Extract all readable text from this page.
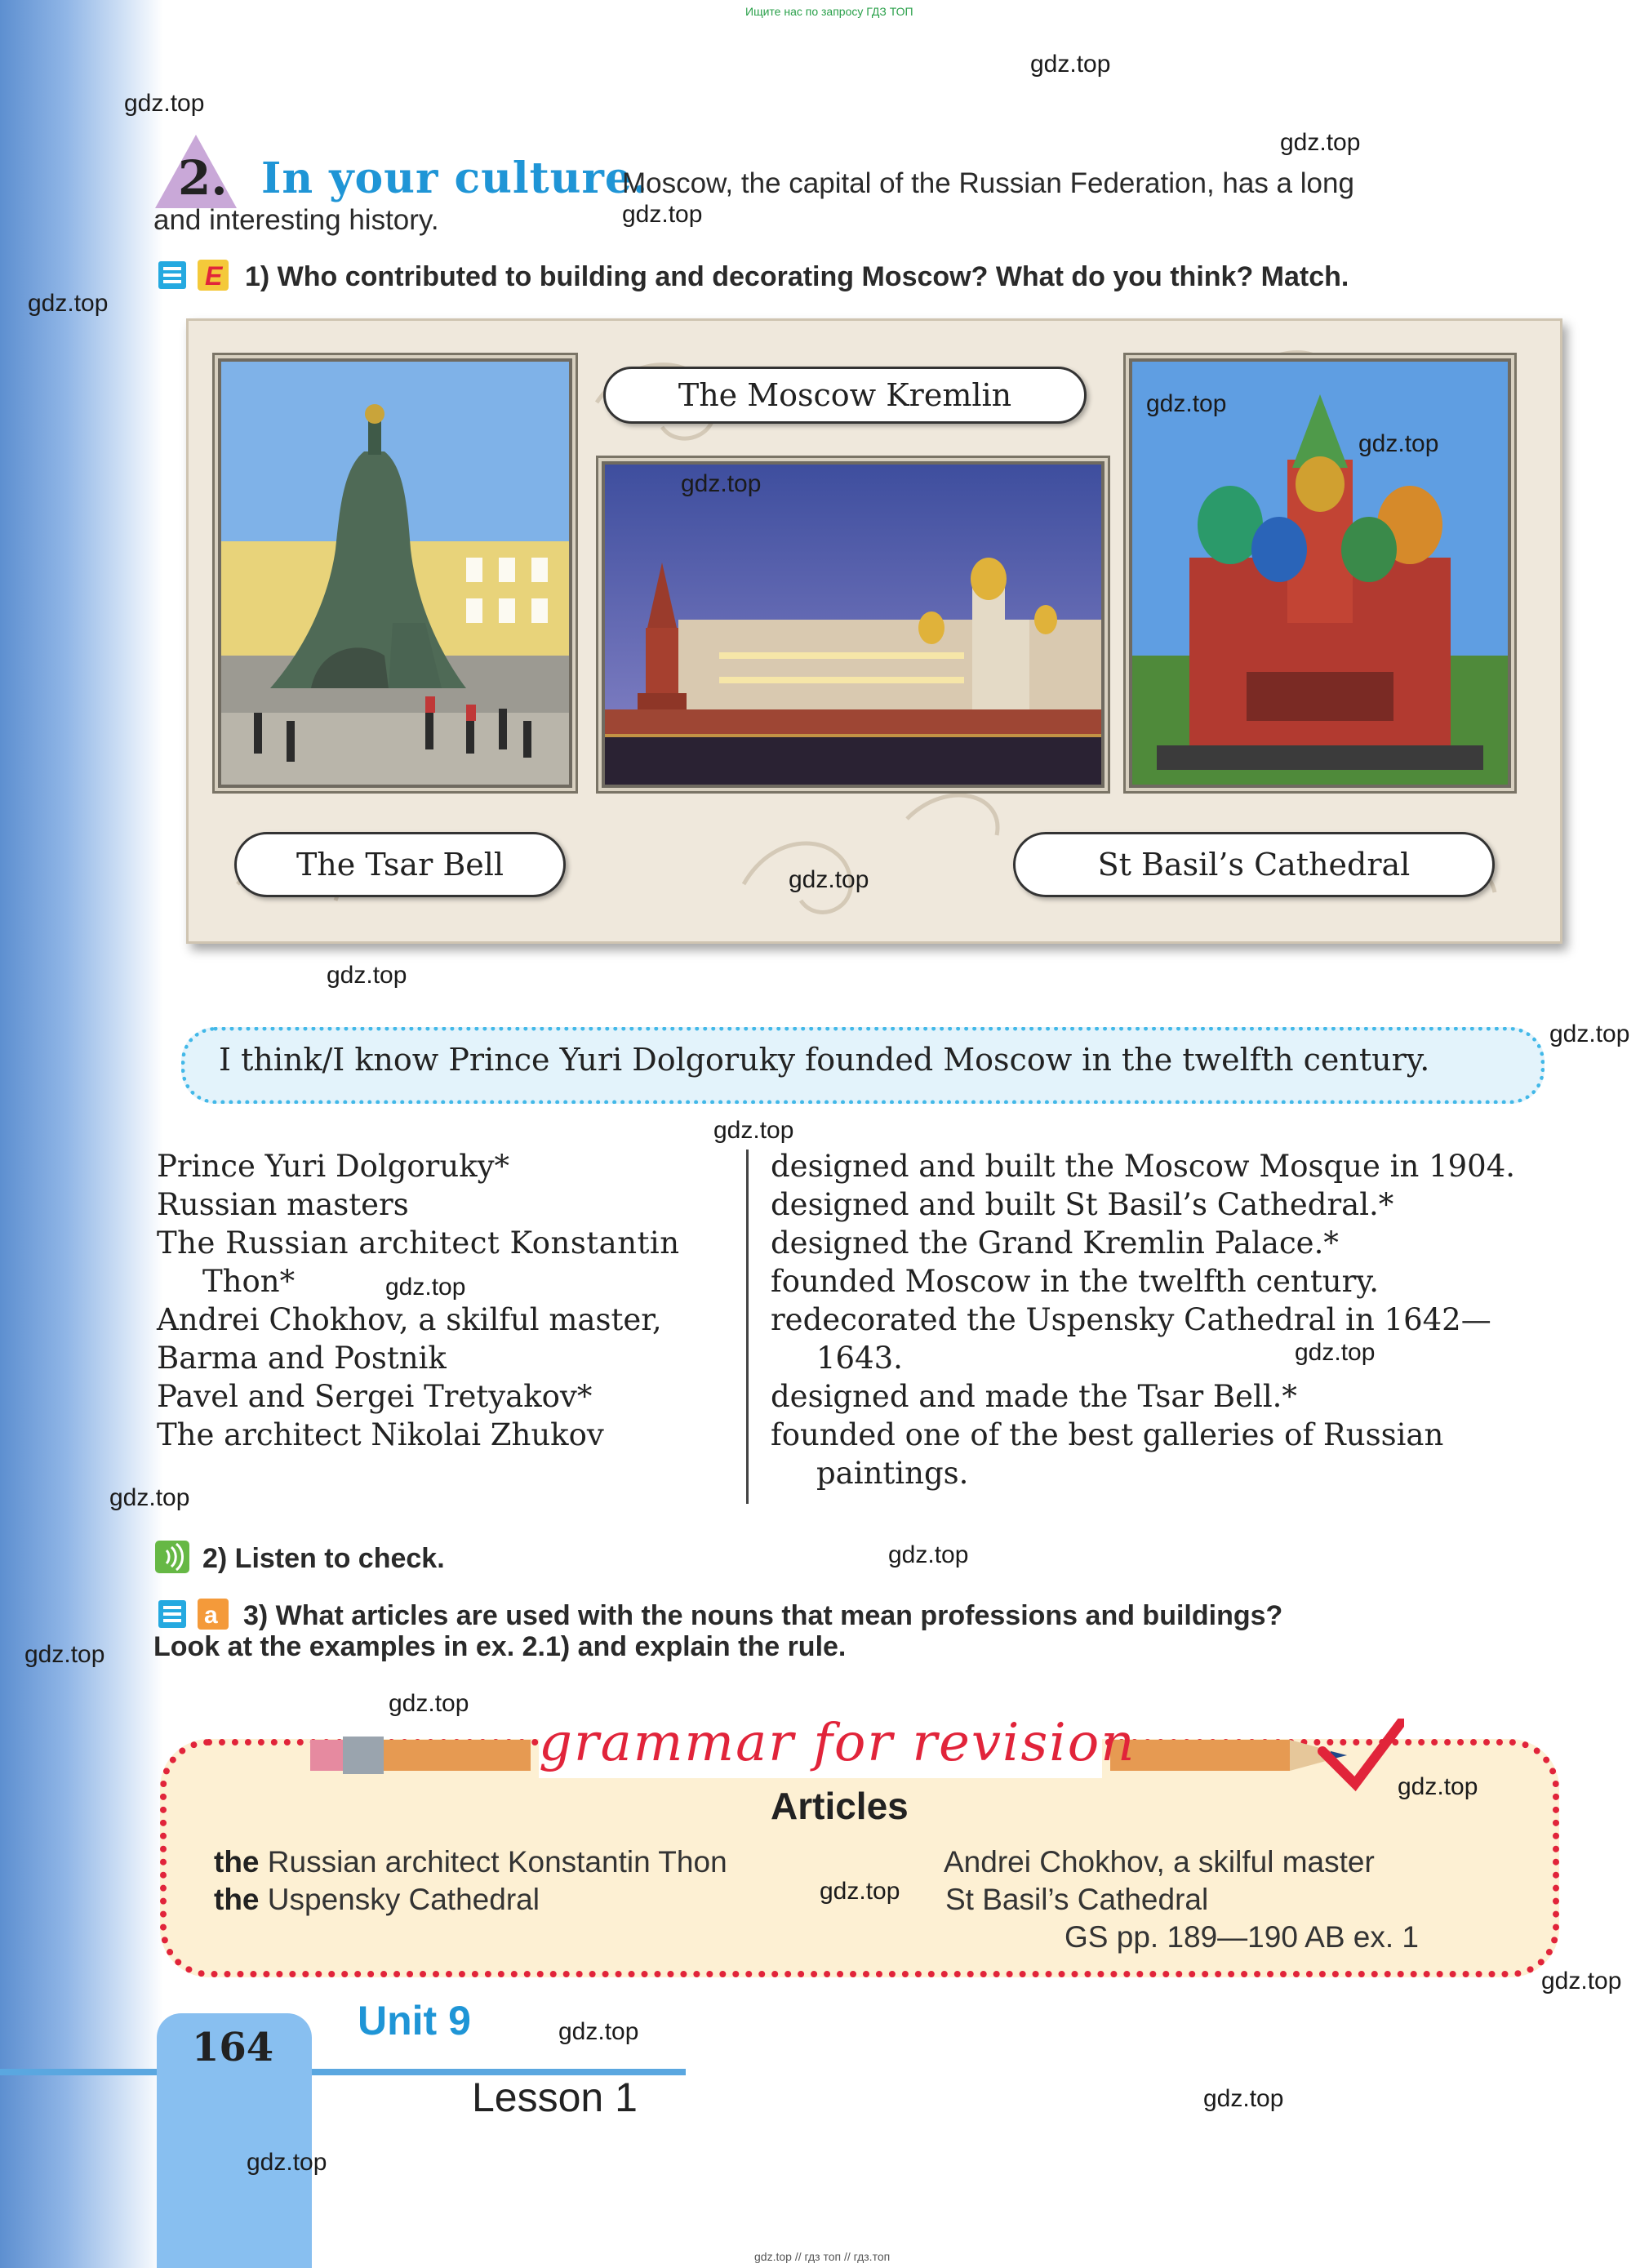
Ищите нас по запросу ГДЗ ТОП
gdz.top
gdz.top
gdz.top
gdz.top
gdz.top
gdz.top
gdz.top
gdz.top
gdz.top
gdz.top
gdz.top
gdz.top
gdz.top
gdz.top
gdz.top
gdz.top
gdz.top
gdz.top
gdz.top
gdz.top
gdz.top
gdz.top
gdz.top
gdz.top
2. In your culture.
Moscow, the capital of the Russian Federation, has a long
and interesting history.
E 1) Who contributed to building and decorating Moscow? What do you think? Match.
The Moscow Kremlin
The Tsar Bell	St Basil’s Cathedral
I think/I know Prince Yuri Dolgoruky founded Moscow in the twelfth century.
Prince Yuri Dolgoruky*
Russian masters
The Russian architect Konstantin
Thon*
Andrei Chokhov, a skilful master,
Barma and Postnik
Pavel and Sergei Tretyakov*
The architect Nikolai Zhukov
designed and built the Moscow Mosque in 1904.
designed and built St Basil’s Cathedral.*
designed the Grand Kremlin Palace.*
founded Moscow in the twelfth century.
redecorated the Uspensky Cathedral in 1642—
1643.
designed and made the Tsar Bell.*
founded one of the best galleries of Russian
paintings.
2) Listen to check.
a 3) What articles are used with the nouns that mean professions and buildings?
Look at the examples in ex. 2.1) and explain the rule.
grammar for revision
Articles
the Russian architect Konstantin Thon
the Uspensky Cathedral
Andrei Chokhov, a skilful master
St Basil’s Cathedral
GS pp. 189—190 AB ex. 1
164
Unit 9
Lesson 1
gdz.top // гдз топ // гдз.топ
